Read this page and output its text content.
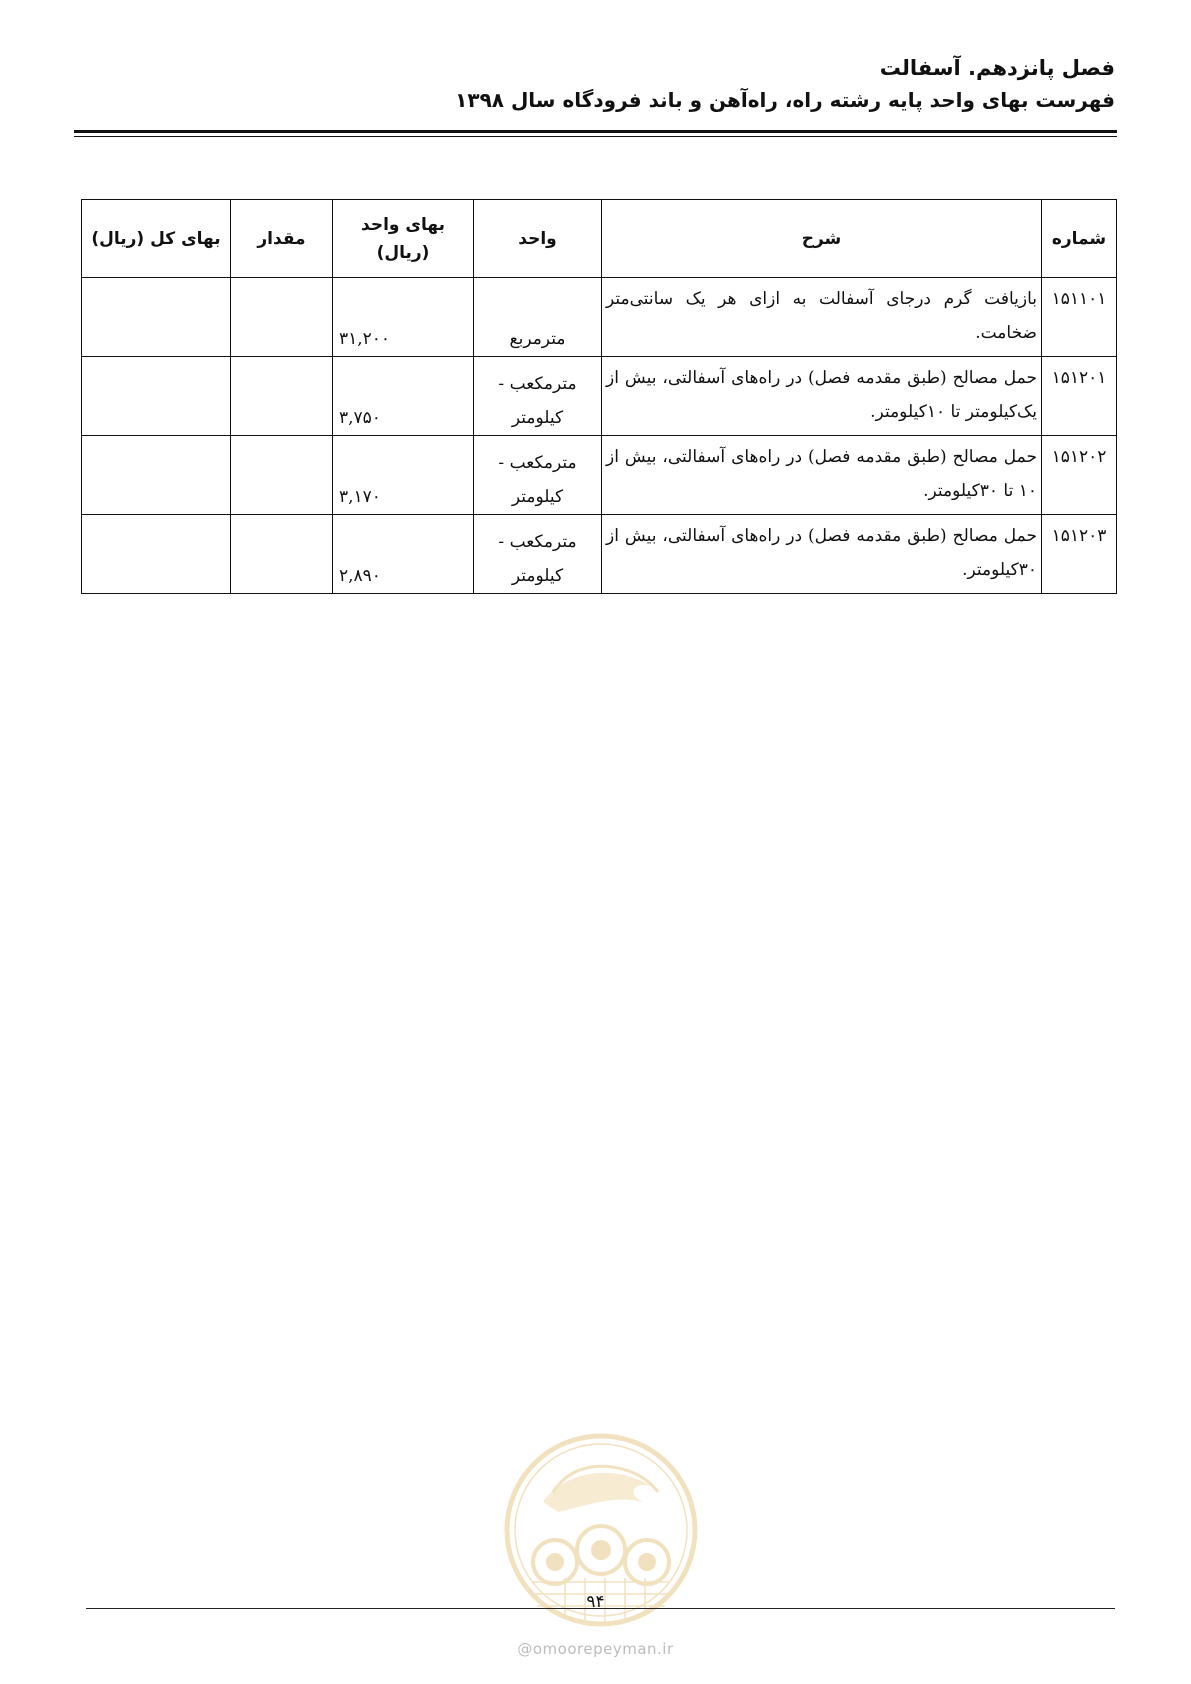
فصل پانزدهم. آسفالت
فهرست بهای واحد پایه رشته راه، راه‌آهن و باند فرودگاه سال ۱۳۹۸
شماره	شرح	واحد	بهای واحد (ریال)	مقدار	بهای کل (ریال)
۱۵۱۱۰۱	بازیافت گرم درجای آسفالت به ازای هر یک سانتی‌متر ضخامت.	مترمربع	۳۱,۲۰۰		
۱۵۱۲۰۱	حمل مصالح (طبق مقدمه فصل) در راه‌های آسفالتی، بیش از یک‌کیلومتر تا ۱۰کیلومتر.	مترمکعب - کیلومتر	۳,۷۵۰		
۱۵۱۲۰۲	حمل مصالح (طبق مقدمه فصل) در راه‌های آسفالتی، بیش از ۱۰ تا ۳۰کیلومتر.	مترمکعب - کیلومتر	۳,۱۷۰		
۱۵۱۲۰۳	حمل مصالح (طبق مقدمه فصل) در راه‌های آسفالتی، بیش از ۳۰کیلومتر.	مترمکعب - کیلومتر	۲,۸۹۰		
۹۴
@omoorepeyman.ir
